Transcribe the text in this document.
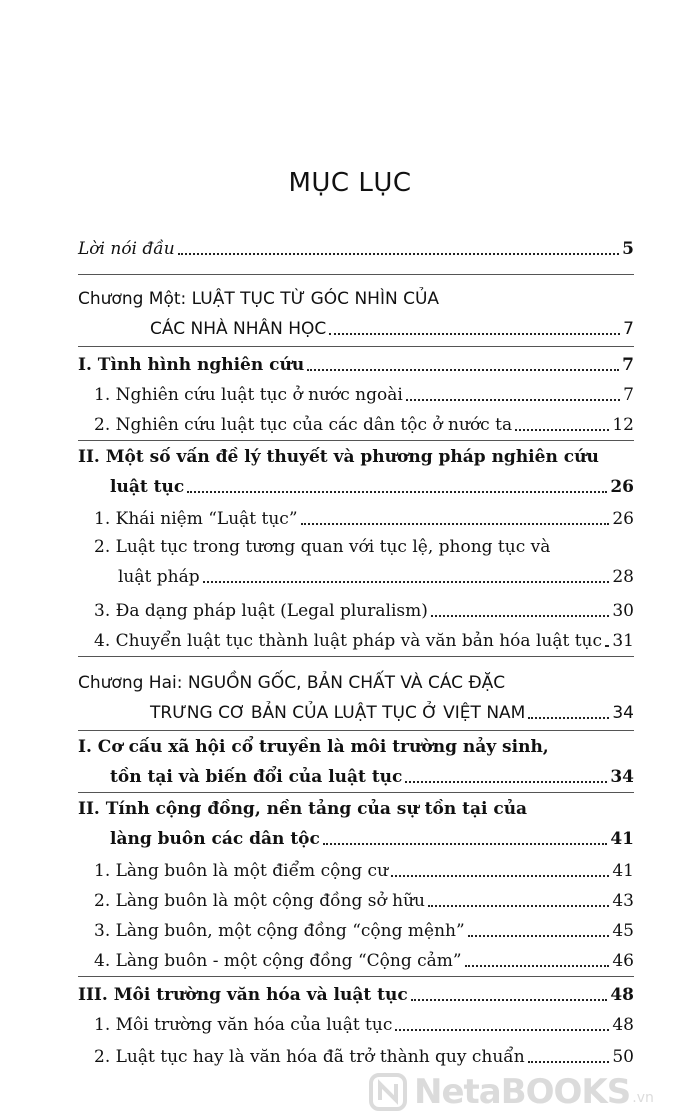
MỤC LỤC
Lời nói đầu	5
Chương Một: LUẬT TỤC TỪ GÓC NHÌN CỦA
CÁC NHÀ NHÂN HỌC	7
I. Tình hình nghiên cứu	7
1. Nghiên cứu luật tục ở nước ngoài	7
2. Nghiên cứu luật tục của các dân tộc ở nước ta	12
II. Một số vấn đề lý thuyết và phương pháp nghiên cứu
luật tục	26
1. Khái niệm “Luật tục”	26
2. Luật tục trong tương quan với tục lệ, phong tục và
luật pháp	28
3. Đa dạng pháp luật (Legal pluralism)	30
4. Chuyển luật tục thành luật pháp và văn bản hóa luật tục 31
Chương Hai: NGUỒN GỐC, BẢN CHẤT VÀ CÁC ĐẶC
TRƯNG CƠ BẢN CỦA LUẬT TỤC Ở VIỆT NAM	34
I. Cơ cấu xã hội cổ truyền là môi trường nảy sinh,
tồn tại và biến đổi của luật tục	34
II. Tính cộng đồng, nền tảng của sự tồn tại của
làng buôn các dân tộc	41
1. Làng buôn là một điểm cộng cư	41
2. Làng buôn là một cộng đồng sở hữu	43
3. Làng buôn, một cộng đồng “cộng mệnh”	45
4. Làng buôn - một cộng đồng “Cộng cảm”	46
III. Môi trường văn hóa và luật tục	48
1. Môi trường văn hóa của luật tục	48
2. Luật tục hay là văn hóa đã trở thành quy chuẩn	50
NetaBOOKS .vn
